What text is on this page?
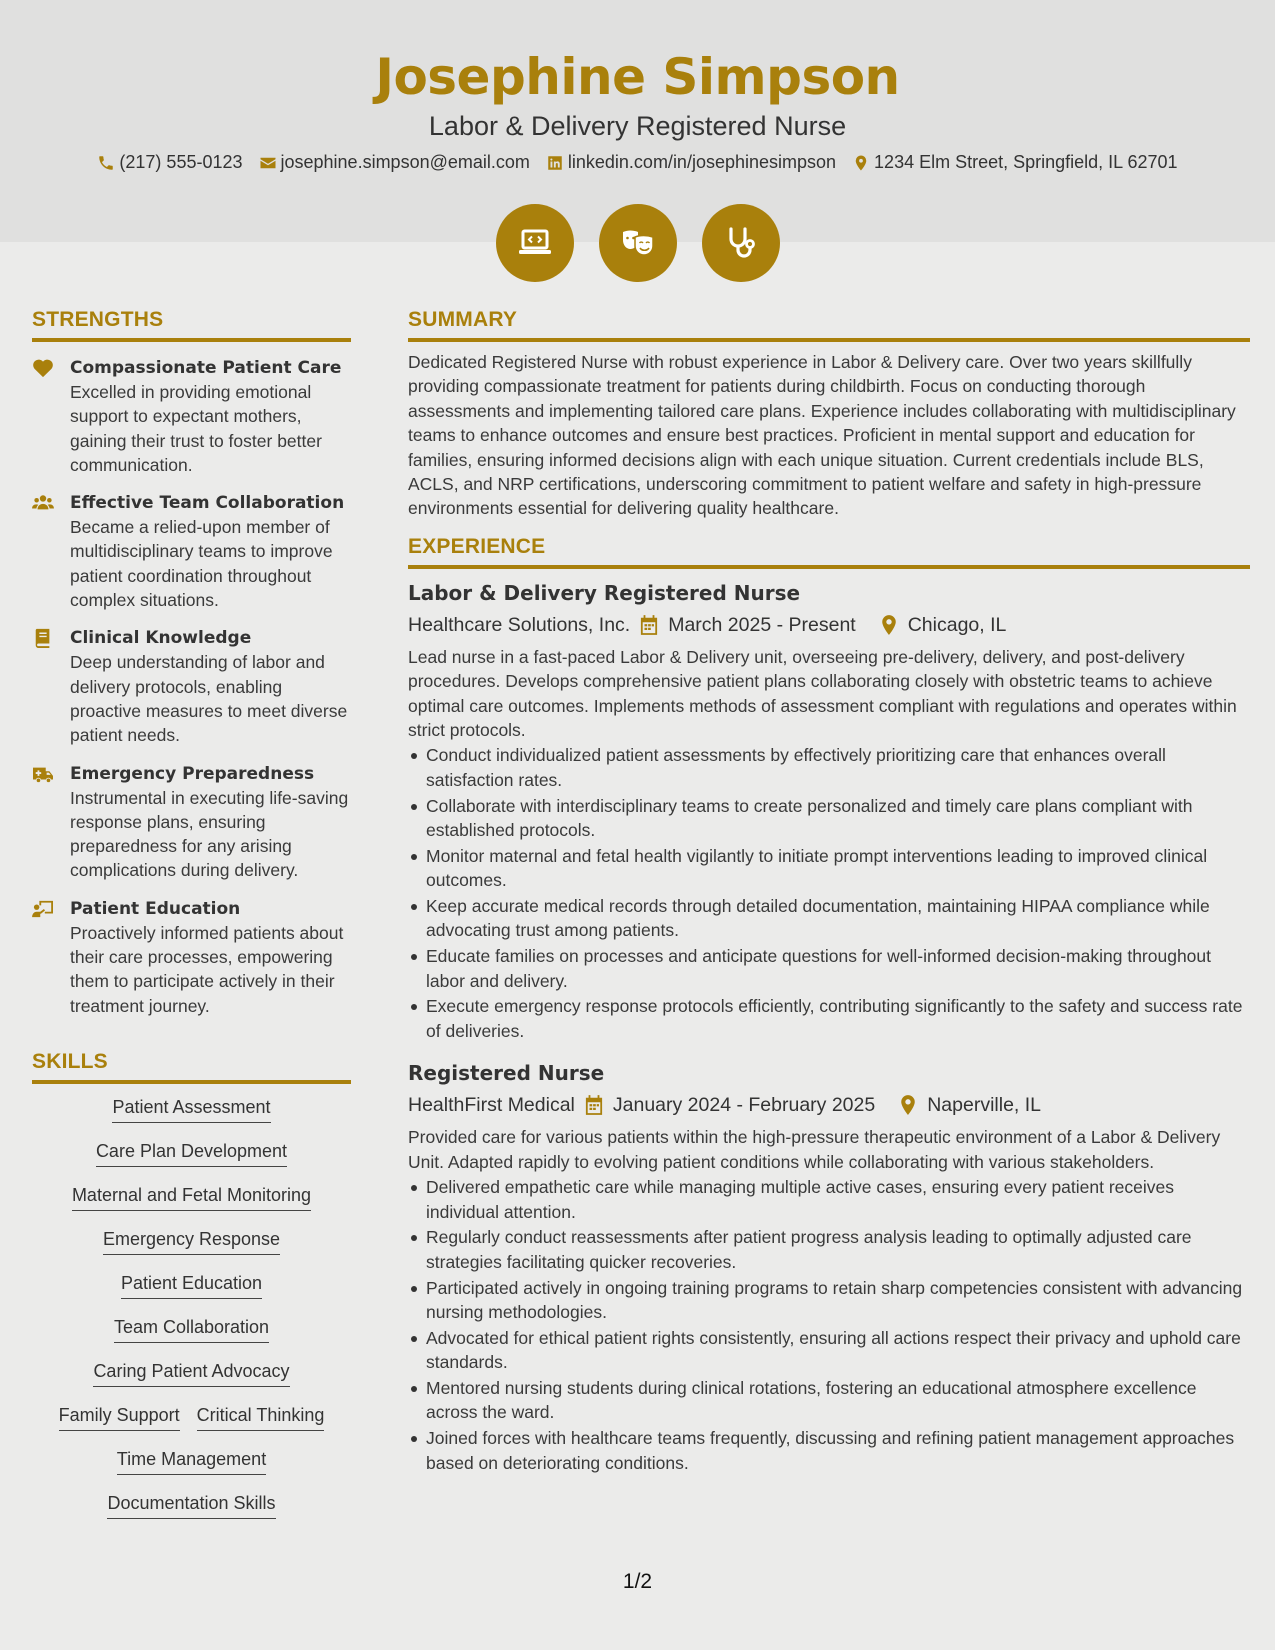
Josephine Simpson
Labor & Delivery Registered Nurse
(217) 555-0123 josephine.simpson@email.com linkedin.com/in/josephinesimpson 1234 Elm Street, Springfield, IL 62701
STRENGTHS
Compassionate Patient Care
Excelled in providing emotional support to expectant mothers, gaining their trust to foster better communication.
Effective Team Collaboration
Became a relied-upon member of multidisciplinary teams to improve patient coordination throughout complex situations.
Clinical Knowledge
Deep understanding of labor and delivery protocols, enabling proactive measures to meet diverse patient needs.
Emergency Preparedness
Instrumental in executing life-saving response plans, ensuring preparedness for any arising complications during delivery.
Patient Education
Proactively informed patients about their care processes, empowering them to participate actively in their treatment journey.
SKILLS
Patient Assessment
Care Plan Development
Maternal and Fetal Monitoring
Emergency Response
Patient Education
Team Collaboration
Caring Patient Advocacy
Family Support Critical Thinking
Time Management
Documentation Skills
SUMMARY
Dedicated Registered Nurse with robust experience in Labor & Delivery care. Over two years skillfully providing compassionate treatment for patients during childbirth. Focus on conducting thorough assessments and implementing tailored care plans. Experience includes collaborating with multidisciplinary teams to enhance outcomes and ensure best practices. Proficient in mental support and education for families, ensuring informed decisions align with each unique situation. Current credentials include BLS, ACLS, and NRP certifications, underscoring commitment to patient welfare and safety in high-pressure environments essential for delivering quality healthcare.
EXPERIENCE
Labor & Delivery Registered Nurse
Healthcare Solutions, Inc. March 2025 - Present	Chicago, IL
Lead nurse in a fast-paced Labor & Delivery unit, overseeing pre-delivery, delivery, and post-delivery procedures. Develops comprehensive patient plans collaborating closely with obstetric teams to achieve optimal care outcomes. Implements methods of assessment compliant with regulations and operates within strict protocols.
Conduct individualized patient assessments by effectively prioritizing care that enhances overall satisfaction rates.
Collaborate with interdisciplinary teams to create personalized and timely care plans compliant with established protocols.
Monitor maternal and fetal health vigilantly to initiate prompt interventions leading to improved clinical outcomes.
Keep accurate medical records through detailed documentation, maintaining HIPAA compliance while advocating trust among patients.
Educate families on processes and anticipate questions for well-informed decision-making throughout labor and delivery.
Execute emergency response protocols efficiently, contributing significantly to the safety and success rate of deliveries.
Registered Nurse
HealthFirst Medical January 2024 - February 2025	Naperville, IL
Provided care for various patients within the high-pressure therapeutic environment of a Labor & Delivery Unit. Adapted rapidly to evolving patient conditions while collaborating with various stakeholders.
Delivered empathetic care while managing multiple active cases, ensuring every patient receives individual attention.
Regularly conduct reassessments after patient progress analysis leading to optimally adjusted care strategies facilitating quicker recoveries.
Participated actively in ongoing training programs to retain sharp competencies consistent with advancing nursing methodologies.
Advocated for ethical patient rights consistently, ensuring all actions respect their privacy and uphold care standards.
Mentored nursing students during clinical rotations, fostering an educational atmosphere excellence across the ward.
Joined forces with healthcare teams frequently, discussing and refining patient management approaches based on deteriorating conditions.
1/2
